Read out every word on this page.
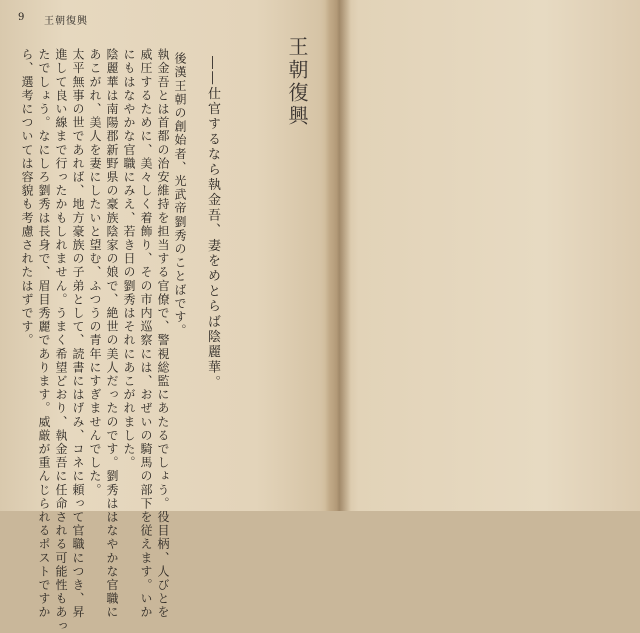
9 王朝復興
王朝復興
――仕官するなら執金吾、妻をめとらば陰麗華。
後漢王朝の創始者、光武帝劉秀のことばです。
執金吾とは首都の治安維持を担当する官僚で、警視総監にあたるでしょう。役目柄、人びとを
威圧するために、美々しく着飾り、その市内巡察には、おぜいの騎馬の部下を従えます。いか
にもはなやかな官職にみえ、若き日の劉秀はそれにあこがれました。
陰麗華は南陽郡新野県の豪族陰家の娘で、絶世の美人だったのです。劉秀ははなやかな官職に
あこがれ、美人を妻にしたいと望む、ふつうの青年にすぎませんでした。
太平無事の世であれば、地方豪族の子弟として、読書にはげみ、コネに頼って官職につき、昇
進して良い線まで行ったかもしれません。うまく希望どおり、執金吾に任命される可能性もあっ
たでしょう。なにしろ劉秀は長身で、眉目秀麗であります。威厳が重んじられるポストですか
ら、選考については容貌も考慮されたはずです。
